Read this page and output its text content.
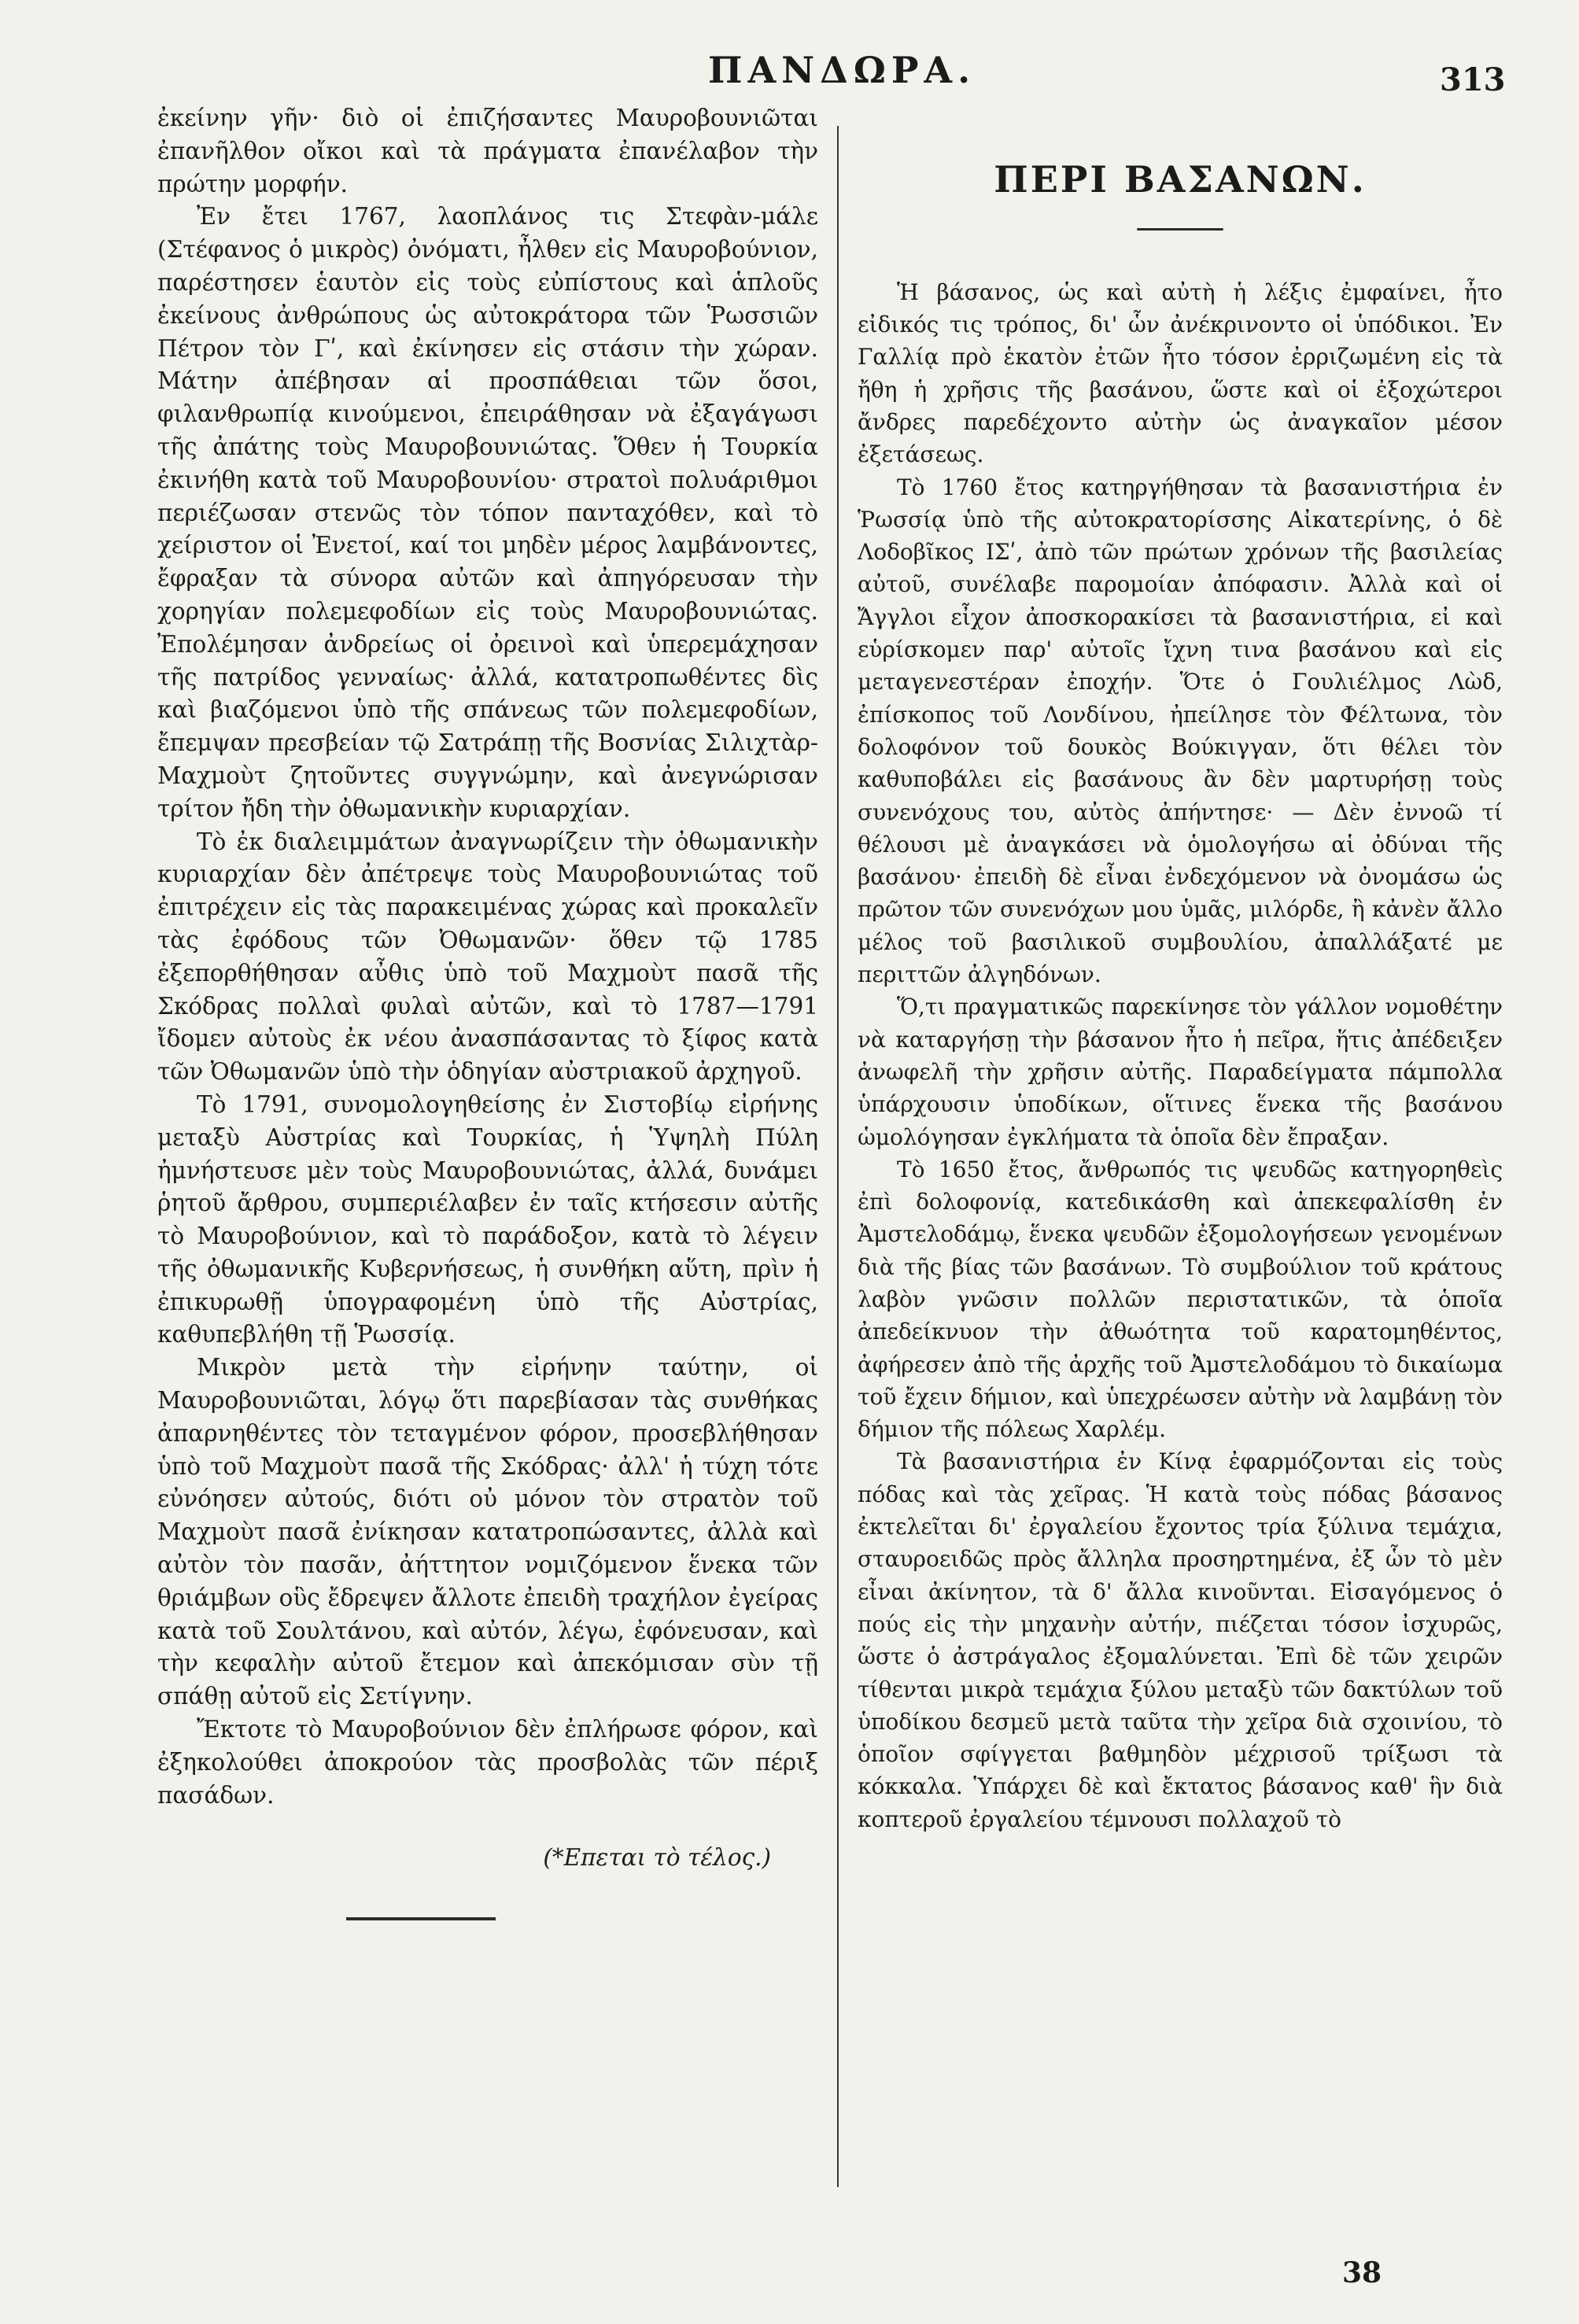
ΠΑΝΔΩΡΑ.	313

ἐκείνην γῆν· διὸ οἱ ἐπιζήσαντες Μαυροβουνιῶται ἐπανῆλθον οἴκοι καὶ τὰ πράγματα ἐπανέλαβον τὴν πρώτην μορφήν.

Ἐν ἔτει 1767, λαοπλάνος τις Στεφὰν-μάλε (Στέφανος ὁ μικρὸς) ὀνόματι, ἦλθεν εἰς Μαυροβούνιον, παρέστησεν ἑαυτὸν εἰς τοὺς εὐπίστους καὶ ἁπλοῦς ἐκείνους ἀνθρώπους ὡς αὐτοκράτορα τῶν Ῥωσσιῶν Πέτρον τὸν Γʹ, καὶ ἐκίνησεν εἰς στάσιν τὴν χώραν. Μάτην ἀπέβησαν αἱ προσπάθειαι τῶν ὅσοι, φιλανθρωπίᾳ κινούμενοι, ἐπειράθησαν νὰ ἐξαγάγωσι τῆς ἀπάτης τοὺς Μαυροβουνιώτας. Ὅθεν ἡ Τουρκία ἐκινήθη κατὰ τοῦ Μαυροβουνίου· στρατοὶ πολυάριθμοι περιέζωσαν στενῶς τὸν τόπον πανταχόθεν, καὶ τὸ χείριστον οἱ Ἐνετοί, καί τοι μηδὲν μέρος λαμβάνοντες, ἔφραξαν τὰ σύνορα αὐτῶν καὶ ἀπηγόρευσαν τὴν χορηγίαν πολεμεφοδίων εἰς τοὺς Μαυροβουνιώτας. Ἐπολέμησαν ἀνδρείως οἱ ὀρεινοὶ καὶ ὑπερεμάχησαν τῆς πατρίδος γενναίως· ἀλλά, κατατροπωθέντες δὶς καὶ βιαζόμενοι ὑπὸ τῆς σπάνεως τῶν πολεμεφοδίων, ἔπεμψαν πρεσβείαν τῷ Σατράπῃ τῆς Βοσνίας Σιλιχτὰρ-Μαχμοὺτ ζητοῦντες συγγνώμην, καὶ ἀνεγνώρισαν τρίτον ἤδη τὴν ὀθωμανικὴν κυριαρχίαν.

Τὸ ἐκ διαλειμμάτων ἀναγνωρίζειν τὴν ὀθωμανικὴν κυριαρχίαν δὲν ἀπέτρεψε τοὺς Μαυροβουνιώτας τοῦ ἐπιτρέχειν εἰς τὰς παρακειμένας χώρας καὶ προκαλεῖν τὰς ἐφόδους τῶν Ὀθωμανῶν· ὅθεν τῷ 1785 ἐξεπορθήθησαν αὖθις ὑπὸ τοῦ Μαχμοὺτ πασᾶ τῆς Σκόδρας πολλαὶ φυλαὶ αὐτῶν, καὶ τὸ 1787—1791 ἴδομεν αὐτοὺς ἐκ νέου ἀνασπάσαντας τὸ ξίφος κατὰ τῶν Ὀθωμανῶν ὑπὸ τὴν ὁδηγίαν αὐστριακοῦ ἀρχηγοῦ.

Τὸ 1791, συνομολογηθείσης ἐν Σιστοβίῳ εἰρήνης μεταξὺ Αὐστρίας καὶ Τουρκίας, ἡ Ὑψηλὴ Πύλη ἠμνήστευσε μὲν τοὺς Μαυροβουνιώτας, ἀλλά, δυνάμει ῥητοῦ ἄρθρου, συμπεριέλαβεν ἐν ταῖς κτήσεσιν αὐτῆς τὸ Μαυροβούνιον, καὶ τὸ παράδοξον, κατὰ τὸ λέγειν τῆς ὀθωμανικῆς Κυβερνήσεως, ἡ συνθήκη αὕτη, πρὶν ἡ ἐπικυρωθῇ ὑπογραφομένη ὑπὸ τῆς Αὐστρίας, καθυπεβλήθη τῇ Ῥωσσίᾳ.

Μικρὸν μετὰ τὴν εἰρήνην ταύτην, οἱ Μαυροβουνιῶται, λόγῳ ὅτι παρεβίασαν τὰς συνθήκας ἀπαρνηθέντες τὸν τεταγμένον φόρον, προσεβλήθησαν ὑπὸ τοῦ Μαχμοὺτ πασᾶ τῆς Σκόδρας· ἀλλ' ἡ τύχη τότε εὐνόησεν αὐτούς, διότι οὐ μόνον τὸν στρατὸν τοῦ Μαχμοὺτ πασᾶ ἐνίκησαν κατατροπώσαντες, ἀλλὰ καὶ αὐτὸν τὸν πασᾶν, ἀήττητον νομιζόμενον ἕνεκα τῶν θριάμβων οὓς ἔδρεψεν ἄλλοτε ἐπειδὴ τραχήλον ἐγείρας κατὰ τοῦ Σουλτάνου, καὶ αὐτόν, λέγω, ἐφόνευσαν, καὶ τὴν κεφαλὴν αὐτοῦ ἔτεμον καὶ ἀπεκόμισαν σὺν τῇ σπάθῃ αὐτοῦ εἰς Σετίγνην.

Ἔκτοτε τὸ Μαυροβούνιον δὲν ἐπλήρωσε φόρον, καὶ ἐξηκολούθει ἀποκρούον τὰς προσβολὰς τῶν πέριξ πασάδων.

(*Επεται τὸ τέλος.)

ΠΕΡΙ ΒΑΣΑΝΩΝ.

Ἡ βάσανος, ὡς καὶ αὐτὴ ἡ λέξις ἐμφαίνει, ἦτο εἰδικός τις τρόπος, δι' ὧν ἀνέκρινοντο οἱ ὑπόδικοι. Ἐν Γαλλίᾳ πρὸ ἑκατὸν ἐτῶν ἦτο τόσον ἐρριζωμένη εἰς τὰ ἤθη ἡ χρῆσις τῆς βασάνου, ὥστε καὶ οἱ ἐξοχώτεροι ἄνδρες παρεδέχοντο αὐτὴν ὡς ἀναγκαῖον μέσον ἐξετάσεως.

Τὸ 1760 ἔτος κατηργήθησαν τὰ βασανιστήρια ἐν Ῥωσσίᾳ ὑπὸ τῆς αὐτοκρατορίσσης Αἰκατερίνης, ὁ δὲ Λοδοβῖκος ΙΣʹ, ἀπὸ τῶν πρώτων χρόνων τῆς βασιλείας αὐτοῦ, συνέλαβε παρομοίαν ἀπόφασιν. Ἀλλὰ καὶ οἱ Ἄγγλοι εἶχον ἀποσκορακίσει τὰ βασανιστήρια, εἰ καὶ εὑρίσκομεν παρ' αὐτοῖς ἴχνη τινα βασάνου καὶ εἰς μεταγενεστέραν ἐποχήν. Ὅτε ὁ Γουλιέλμος Λὼδ, ἐπίσκοπος τοῦ Λονδίνου, ἠπείλησε τὸν Φέλτωνα, τὸν δολοφόνον τοῦ δουκὸς Βούκιγγαν, ὅτι θέλει τὸν καθυποβάλει εἰς βασάνους ἂν δὲν μαρτυρήσῃ τοὺς συνενόχους του, αὐτὸς ἀπήντησε· — Δὲν ἐννοῶ τί θέλουσι μὲ ἀναγκάσει νὰ ὁμολογήσω αἱ ὀδύναι τῆς βασάνου· ἐπειδὴ δὲ εἶναι ἐνδεχόμενον νὰ ὀνομάσω ὡς πρῶτον τῶν συνενόχων μου ὑμᾶς, μιλόρδε, ἢ κἀνὲν ἄλλο μέλος τοῦ βασιλικοῦ συμβουλίου, ἀπαλλάξατέ με περιττῶν ἀλγηδόνων.

Ὅ,τι πραγματικῶς παρεκίνησε τὸν γάλλον νομοθέτην νὰ καταργήσῃ τὴν βάσανον ἦτο ἡ πεῖρα, ἥτις ἀπέδειξεν ἀνωφελῆ τὴν χρῆσιν αὐτῆς. Παραδείγματα πάμπολλα ὑπάρχουσιν ὑποδίκων, οἵτινες ἕνεκα τῆς βασάνου ὡμολόγησαν ἐγκλήματα τὰ ὁποῖα δὲν ἔπραξαν.

Τὸ 1650 ἔτος, ἄνθρωπός τις ψευδῶς κατηγορηθεὶς ἐπὶ δολοφονίᾳ, κατεδικάσθη καὶ ἀπεκεφαλίσθη ἐν Ἀμστελοδάμῳ, ἕνεκα ψευδῶν ἐξομολογήσεων γενομένων διὰ τῆς βίας τῶν βασάνων. Τὸ συμβούλιον τοῦ κράτους λαβὸν γνῶσιν πολλῶν περιστατικῶν, τὰ ὁποῖα ἀπεδείκνυον τὴν ἀθωότητα τοῦ καρατομηθέντος, ἀφήρεσεν ἀπὸ τῆς ἀρχῆς τοῦ Ἀμστελοδάμου τὸ δικαίωμα τοῦ ἔχειν δήμιον, καὶ ὑπεχρέωσεν αὐτὴν νὰ λαμβάνῃ τὸν δήμιον τῆς πόλεως Χαρλέμ.

Τὰ βασανιστήρια ἐν Κίνᾳ ἐφαρμόζονται εἰς τοὺς πόδας καὶ τὰς χεῖρας. Ἡ κατὰ τοὺς πόδας βάσανος ἐκτελεῖται δι' ἐργαλείου ἔχοντος τρία ξύλινα τεμάχια, σταυροειδῶς πρὸς ἄλληλα προσηρτημένα, ἐξ ὧν τὸ μὲν εἶναι ἀκίνητον, τὰ δ' ἄλλα κινοῦνται. Εἰσαγόμενος ὁ πούς εἰς τὴν μηχανὴν αὐτήν, πιέζεται τόσον ἰσχυρῶς, ὥστε ὁ ἀστράγαλος ἐξομαλύνεται. Ἐπὶ δὲ τῶν χειρῶν τίθενται μικρὰ τεμάχια ξύλου μεταξὺ τῶν δακτύλων τοῦ ὑποδίκου δεσμεῦ μετὰ ταῦτα τὴν χεῖρα διὰ σχοινίου, τὸ ὁποῖον σφίγγεται βαθμηδὸν μέχρισοῦ τρίξωσι τὰ κόκκαλα. Ὑπάρχει δὲ καὶ ἔκτατος βάσανος καθ' ἣν διὰ κοπτεροῦ ἐργαλείου τέμνουσι πολλαχοῦ τὸ

38
